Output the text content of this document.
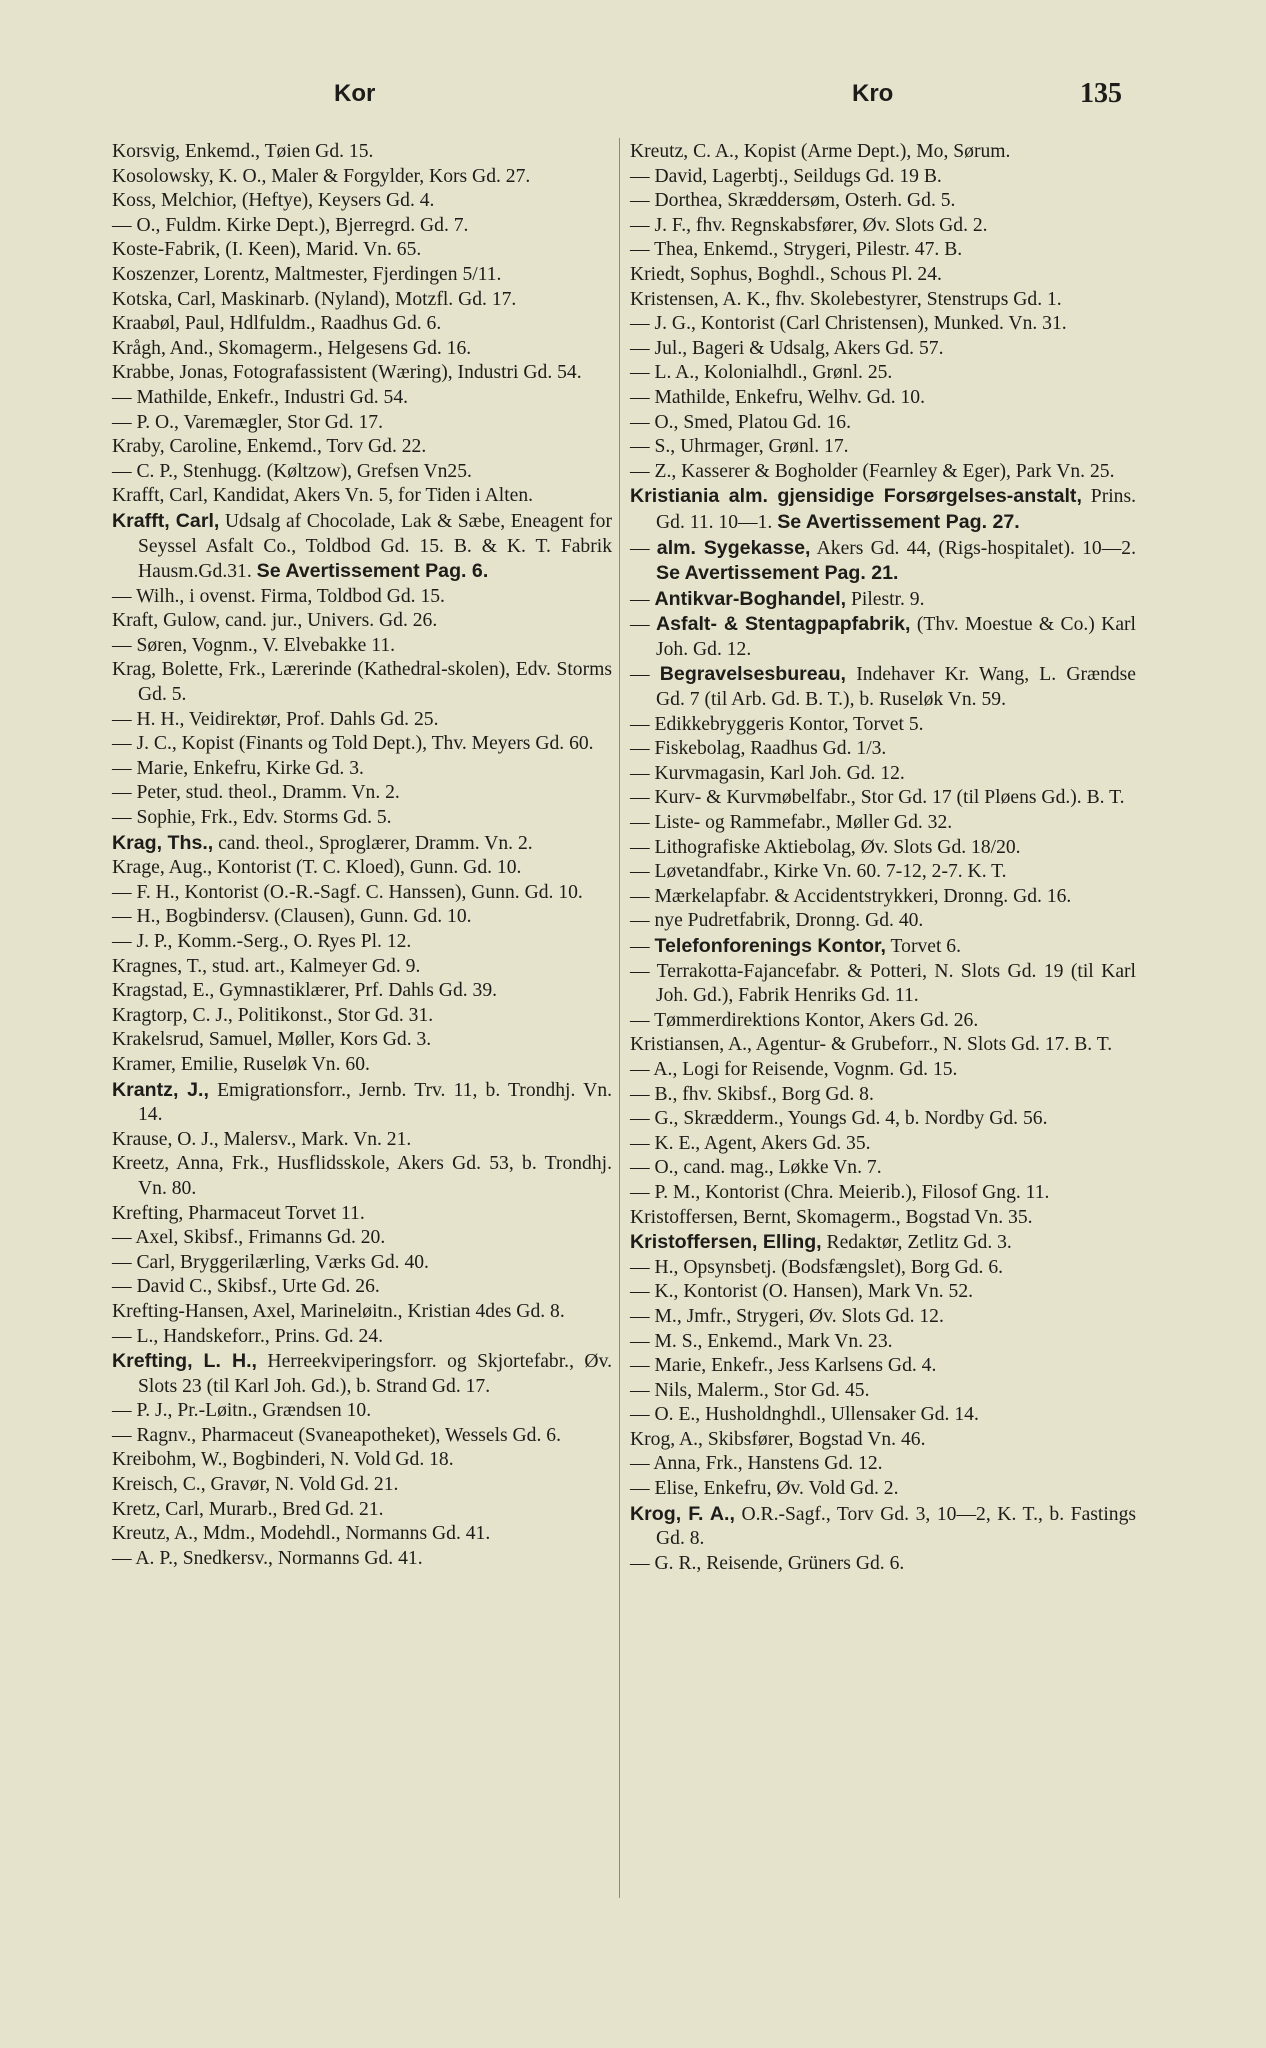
Kor	Kro	135

Korsvig, Enkemd., Tøien Gd. 15.

Kosolowsky, K. O., Maler & Forgylder, Kors Gd. 27.

Koss, Melchior, (Heftye), Keysers Gd. 4.

— O., Fuldm. Kirke Dept.), Bjerregrd. Gd. 7.

Koste-Fabrik, (I. Keen), Marid. Vn. 65.

Koszenzer, Lorentz, Maltmester, Fjerdingen 5/11.

Kotska, Carl, Maskinarb. (Nyland), Motzfl. Gd. 17.

Kraabøl, Paul, Hdlfuldm., Raadhus Gd. 6.

Krågh, And., Skomagerm., Helgesens Gd. 16.

Krabbe, Jonas, Fotografassistent (Wæring), Industri Gd. 54.

— Mathilde, Enkefr., Industri Gd. 54.

— P. O., Varemægler, Stor Gd. 17.

Kraby, Caroline, Enkemd., Torv Gd. 22.

— C. P., Stenhugg. (Køltzow), Grefsen Vn25.

Krafft, Carl, Kandidat, Akers Vn. 5, for Tiden i Alten.

Krafft, Carl, Udsalg af Chocolade, Lak & Sæbe, Eneagent for Seyssel Asfalt Co., Toldbod Gd. 15. B. & K. T. Fabrik Hausm.Gd.31. Se Avertissement Pag. 6.

— Wilh., i ovenst. Firma, Toldbod Gd. 15.

Kraft, Gulow, cand. jur., Univers. Gd. 26.

— Søren, Vognm., V. Elvebakke 11.

Krag, Bolette, Frk., Lærerinde (Kathedral-skolen), Edv. Storms Gd. 5.

— H. H., Veidirektør, Prof. Dahls Gd. 25.

— J. C., Kopist (Finants og Told Dept.), Thv. Meyers Gd. 60.

— Marie, Enkefru, Kirke Gd. 3.

— Peter, stud. theol., Dramm. Vn. 2.

— Sophie, Frk., Edv. Storms Gd. 5.

Krag, Ths., cand. theol., Sproglærer, Dramm. Vn. 2.

Krage, Aug., Kontorist (T. C. Kloed), Gunn. Gd. 10.

— F. H., Kontorist (O.-R.-Sagf. C. Hanssen), Gunn. Gd. 10.

— H., Bogbindersv. (Clausen), Gunn. Gd. 10.

— J. P., Komm.-Serg., O. Ryes Pl. 12.

Kragnes, T., stud. art., Kalmeyer Gd. 9.

Kragstad, E., Gymnastiklærer, Prf. Dahls Gd. 39.

Kragtorp, C. J., Politikonst., Stor Gd. 31.

Krakelsrud, Samuel, Møller, Kors Gd. 3.

Kramer, Emilie, Ruseløk Vn. 60.

Krantz, J., Emigrationsforr., Jernb. Trv. 11, b. Trondhj. Vn. 14.

Krause, O. J., Malersv., Mark. Vn. 21.

Kreetz, Anna, Frk., Husflidsskole, Akers Gd. 53, b. Trondhj. Vn. 80.

Krefting, Pharmaceut Torvet 11.

— Axel, Skibsf., Frimanns Gd. 20.

— Carl, Bryggerilærling, Værks Gd. 40.

— David C., Skibsf., Urte Gd. 26.

Krefting-Hansen, Axel, Marineløitn., Kristian 4des Gd. 8.

— L., Handskeforr., Prins. Gd. 24.

Krefting, L. H., Herreekviperingsforr. og Skjortefabr., Øv. Slots 23 (til Karl Joh. Gd.), b. Strand Gd. 17.

— P. J., Pr.-Løitn., Grændsen 10.

— Ragnv., Pharmaceut (Svaneapotheket), Wessels Gd. 6.

Kreibohm, W., Bogbinderi, N. Vold Gd. 18.

Kreisch, C., Gravør, N. Vold Gd. 21.

Kretz, Carl, Murarb., Bred Gd. 21.

Kreutz, A., Mdm., Modehdl., Normanns Gd. 41.

— A. P., Snedkersv., Normanns Gd. 41.

Kreutz, C. A., Kopist (Arme Dept.), Mo, Sørum.

— David, Lagerbtj., Seildugs Gd. 19 B.

— Dorthea, Skræddersøm, Osterh. Gd. 5.

— J. F., fhv. Regnskabsfører, Øv. Slots Gd. 2.

— Thea, Enkemd., Strygeri, Pilestr. 47. B.

Kriedt, Sophus, Boghdl., Schous Pl. 24.

Kristensen, A. K., fhv. Skolebestyrer, Stenstrups Gd. 1.

— J. G., Kontorist (Carl Christensen), Munked. Vn. 31.

— Jul., Bageri & Udsalg, Akers Gd. 57.

— L. A., Kolonialhdl., Grønl. 25.

— Mathilde, Enkefru, Welhv. Gd. 10.

— O., Smed, Platou Gd. 16.

— S., Uhrmager, Grønl. 17.

— Z., Kasserer & Bogholder (Fearnley & Eger), Park Vn. 25.

Kristiania alm. gjensidige Forsørgelses-anstalt, Prins. Gd. 11. 10—1. Se Avertissement Pag. 27.

— alm. Sygekasse, Akers Gd. 44, (Rigs-hospitalet). 10—2. Se Avertissement Pag. 21.

— Antikvar-Boghandel, Pilestr. 9.

— Asfalt- & Stentagpapfabrik, (Thv. Moestue & Co.) Karl Joh. Gd. 12.

— Begravelsesbureau, Indehaver Kr. Wang, L. Grændse Gd. 7 (til Arb. Gd. B. T.), b. Ruseløk Vn. 59.

— Edikkebryggeris Kontor, Torvet 5.

— Fiskebolag, Raadhus Gd. 1/3.

— Kurvmagasin, Karl Joh. Gd. 12.

— Kurv- & Kurvmøbelfabr., Stor Gd. 17 (til Pløens Gd.). B. T.

— Liste- og Rammefabr., Møller Gd. 32.

— Lithografiske Aktiebolag, Øv. Slots Gd. 18/20.

— Løvetandfabr., Kirke Vn. 60. 7-12, 2-7. K. T.

— Mærkelapfabr. & Accidentstrykkeri, Dronng. Gd. 16.

— nye Pudretfabrik, Dronng. Gd. 40.

— Telefonforenings Kontor, Torvet 6.

— Terrakotta-Fajancefabr. & Potteri, N. Slots Gd. 19 (til Karl Joh. Gd.), Fabrik Henriks Gd. 11.

— Tømmerdirektions Kontor, Akers Gd. 26.

Kristiansen, A., Agentur- & Grubeforr., N. Slots Gd. 17. B. T.

— A., Logi for Reisende, Vognm. Gd. 15.

— B., fhv. Skibsf., Borg Gd. 8.

— G., Skrædderm., Youngs Gd. 4, b. Nordby Gd. 56.

— K. E., Agent, Akers Gd. 35.

— O., cand. mag., Løkke Vn. 7.

— P. M., Kontorist (Chra. Meierib.), Filosof Gng. 11.

Kristoffersen, Bernt, Skomagerm., Bogstad Vn. 35.

Kristoffersen, Elling, Redaktør, Zetlitz Gd. 3.

— H., Opsynsbetj. (Bodsfængslet), Borg Gd. 6.

— K., Kontorist (O. Hansen), Mark Vn. 52.

— M., Jmfr., Strygeri, Øv. Slots Gd. 12.

— M. S., Enkemd., Mark Vn. 23.

— Marie, Enkefr., Jess Karlsens Gd. 4.

— Nils, Malerm., Stor Gd. 45.

— O. E., Husholdnghdl., Ullensaker Gd. 14.

Krog, A., Skibsfører, Bogstad Vn. 46.

— Anna, Frk., Hanstens Gd. 12.

— Elise, Enkefru, Øv. Vold Gd. 2.

Krog, F. A., O.R.-Sagf., Torv Gd. 3, 10—2, K. T., b. Fastings Gd. 8.

— G. R., Reisende, Grüners Gd. 6.
